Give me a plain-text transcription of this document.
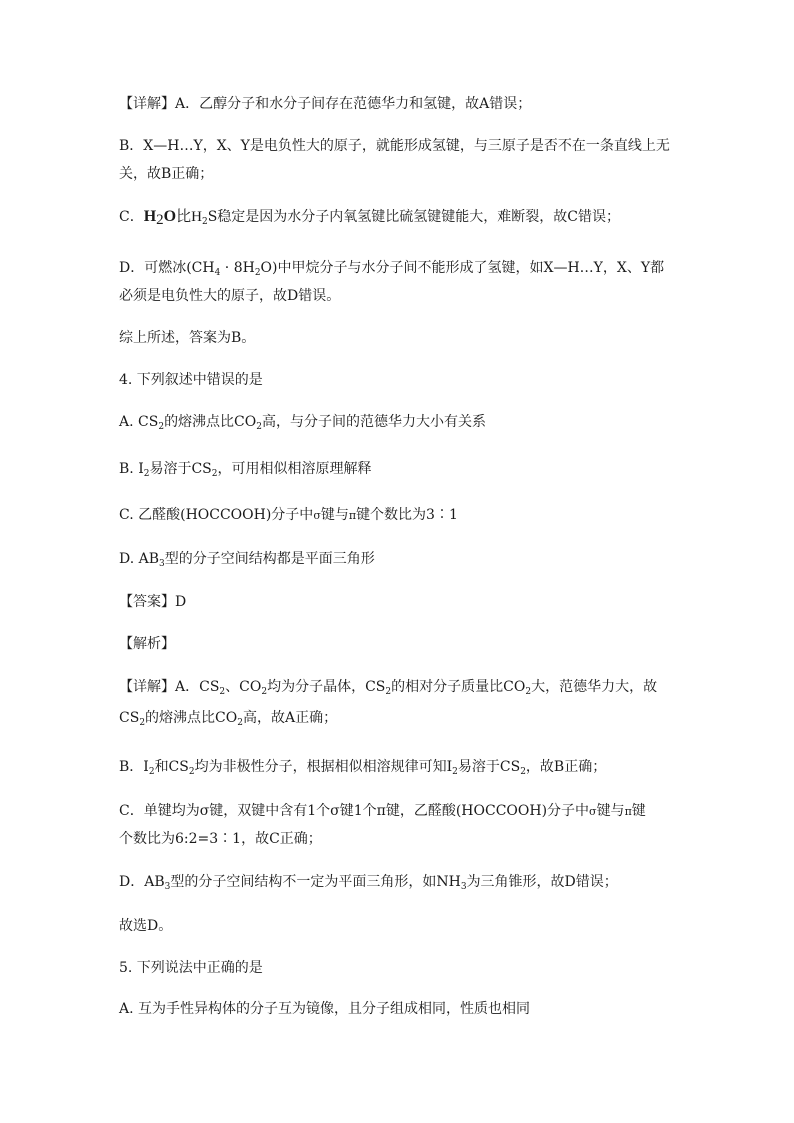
【详解】A．乙醇分子和水分子间存在范德华力和氢键，故A错误；
B．X—H…Y，X、Y是电负性大的原子，就能形成氢键，与三原子是否不在一条直线上无
关，故B正确；
C．$H_2O$比$H_2S$稳定是因为水分子内氧氢键比硫氢键键能大，难断裂，故C错误；
D．可燃冰$(CH_4 \cdot 8H_2O)$中甲烷分子与水分子间不能形成了氢键，如X—H…Y，X、Y都
必须是电负性大的原子，故D错误。
综上所述，答案为B。
4. 下列叙述中错误的是
A. $CS_2$的熔沸点比$CO_2$高，与分子间的范德华力大小有关系
B. $I_2$易溶于$CS_2$，可用相似相溶原理解释
C. 乙醛酸(HOCCOOH)分子中σ键与π键个数比为3∶1
D. $AB_3$型的分子空间结构都是平面三角形
【答案】D
【解析】
【详解】A．$CS_2$、$CO_2$均为分子晶体，$CS_2$的相对分子质量比$CO_2$大，范德华力大，故
$CS_2$的熔沸点比$CO_2$高，故A正确；
B．$I_2$和$CS_2$均为非极性分子，根据相似相溶规律可知$I_2$易溶于$CS_2$，故B正确；
C．单键均为σ键，双键中含有1个σ键1个π键，乙醛酸(HOCCOOH)分子中σ键与π键
个数比为6:2=3∶1，故C正确；
D．$AB_3$型的分子空间结构不一定为平面三角形，如$NH_3$为三角锥形，故D错误；
故选D。
5. 下列说法中正确的是
A. 互为手性异构体的分子互为镜像，且分子组成相同，性质也相同
